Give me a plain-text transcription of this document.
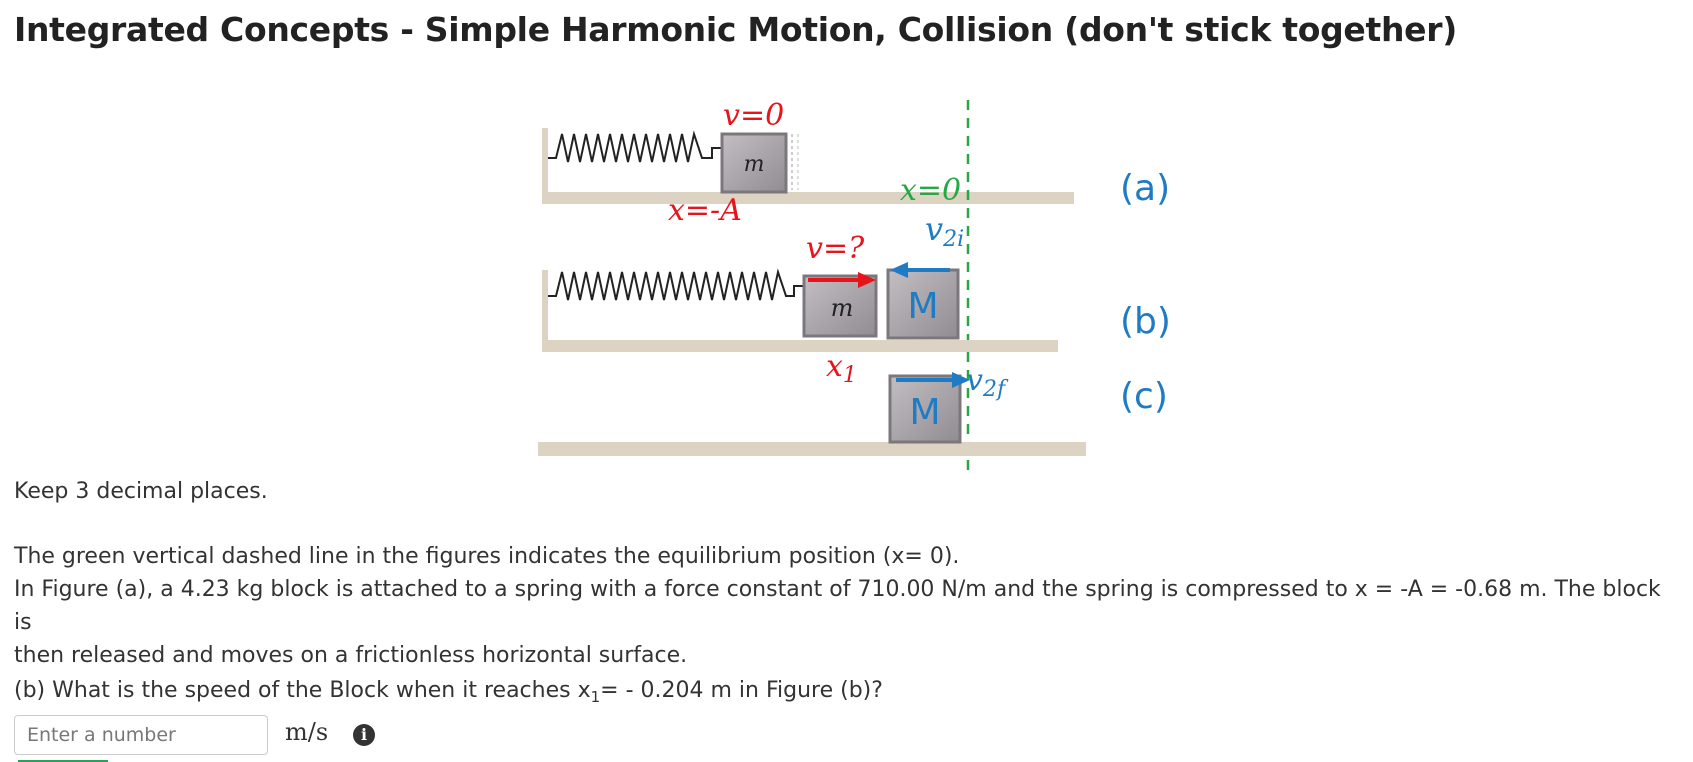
Integrated Concepts - Simple Harmonic Motion, Collision (don't stick together)
m
v=0
x=-A
x=0	(a)
m M
v=?
v2i
$x_1$
(b)
M
$v_{2f}$	(c)

Keep 3 decimal places.

The green vertical dashed line in the figures indicates the equilibrium position (x= 0).

In Figure (a), a 4.23 kg block is attached to a spring with a force constant of 710.00 N/m and the spring is compressed to x = -A = -0.68 m. The block is
then released and moves on a frictionless horizontal surface.

(b) What is the speed of the Block when it reaches $x_1= - 0.204$ m in Figure (b)?

Enter a number
m/s	i
